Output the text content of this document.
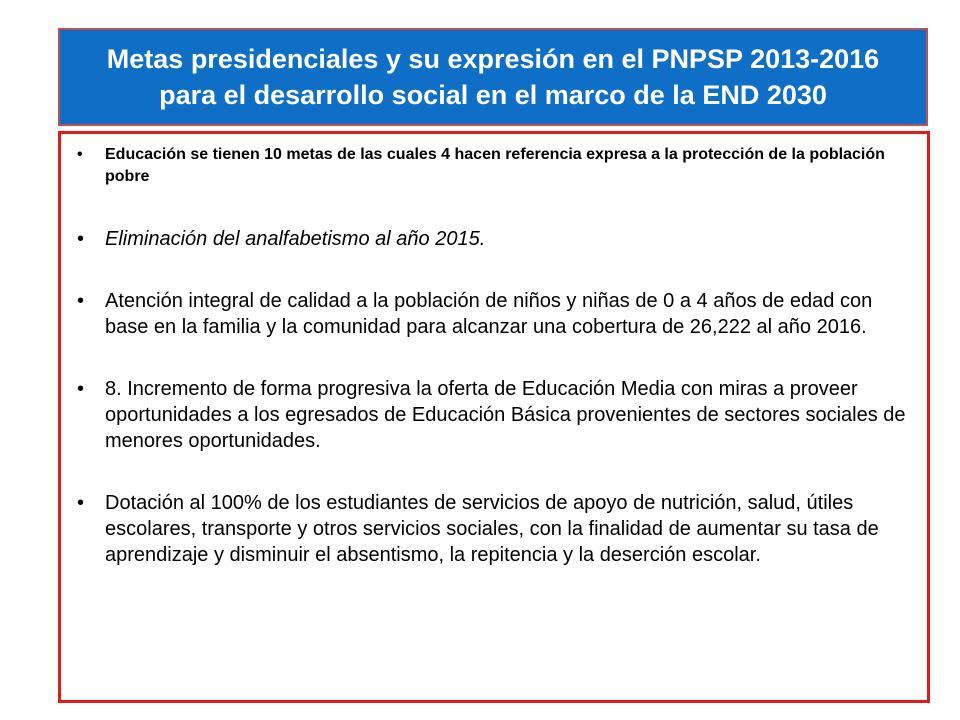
Metas presidenciales y su expresión en el PNPSP 2013-2016
para el desarrollo social en el marco de la END 2030
• Educación se tienen 10 metas de las cuales 4 hacen referencia expresa a la protección de la población pobre
• Eliminación del analfabetismo al año 2015.
• Atención integral de calidad a la población de niños y niñas de 0 a 4 años de edad con base en la familia y la comunidad para alcanzar una cobertura de 26,222 al año 2016.
• 8. Incremento de forma progresiva la oferta de Educación Media con miras a proveer oportunidades a los egresados de Educación Básica provenientes de sectores sociales de menores oportunidades.
• Dotación al 100% de los estudiantes de servicios de apoyo de nutrición, salud, útiles escolares, transporte y otros servicios sociales, con la finalidad de aumentar su tasa de aprendizaje y disminuir el absentismo, la repitencia y la deserción escolar.
